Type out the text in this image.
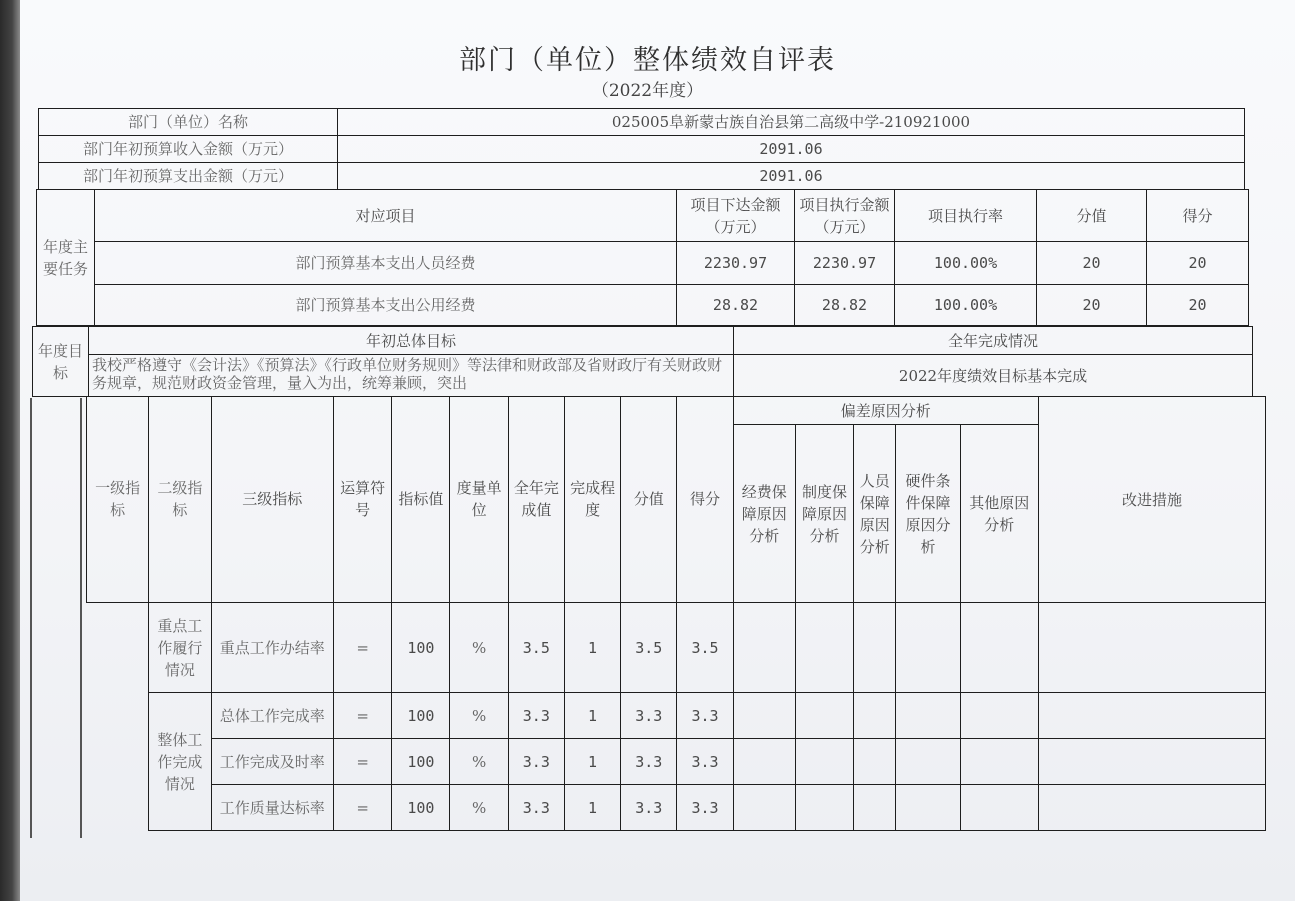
部门（单位）整体绩效自评表
（2022年度）
部门（单位）名称	025005阜新蒙古族自治县第二高级中学-210921000
部门年初预算收入金额（万元）	2091.06
部门年初预算支出金额（万元）	2091.06
年度主要任务	对应项目	项目下达金额（万元）	项目执行金额（万元）	项目执行率	分值	得分
	部门预算基本支出人员经费	2230.97	2230.97	100.00%	20	20
	部门预算基本支出公用经费	28.82	28.82	100.00%	20	20
年度目标	年初总体目标	全年完成情况

	我校严格遵守《会计法》《预算法》《行政单位财务规则》等法律和财政部及省财政厅有关财政财务规章，规范财政资金管理，量入为出，统筹兼顾，突出	2022年度绩效目标基本完成
一级指标	二级指标	三级指标	运算符号	指标值	度量单位	全年完成值	完成程度	分值	得分	偏差原因分析					改进措施
										经费保障原因分析	制度保障原因分析	人员保障原因分析	硬件条件保障原因分析	其他原因分析	
	重点工作履行情况	重点工作办结率	=	100	%	3.5	1	3.5	3.5						
	整体工作完成情况	总体工作完成率	=	100	%	3.3	1	3.3	3.3						
		工作完成及时率	=	100	%	3.3	1	3.3	3.3						
		工作质量达标率	=	100	%	3.3	1	3.3	3.3						
